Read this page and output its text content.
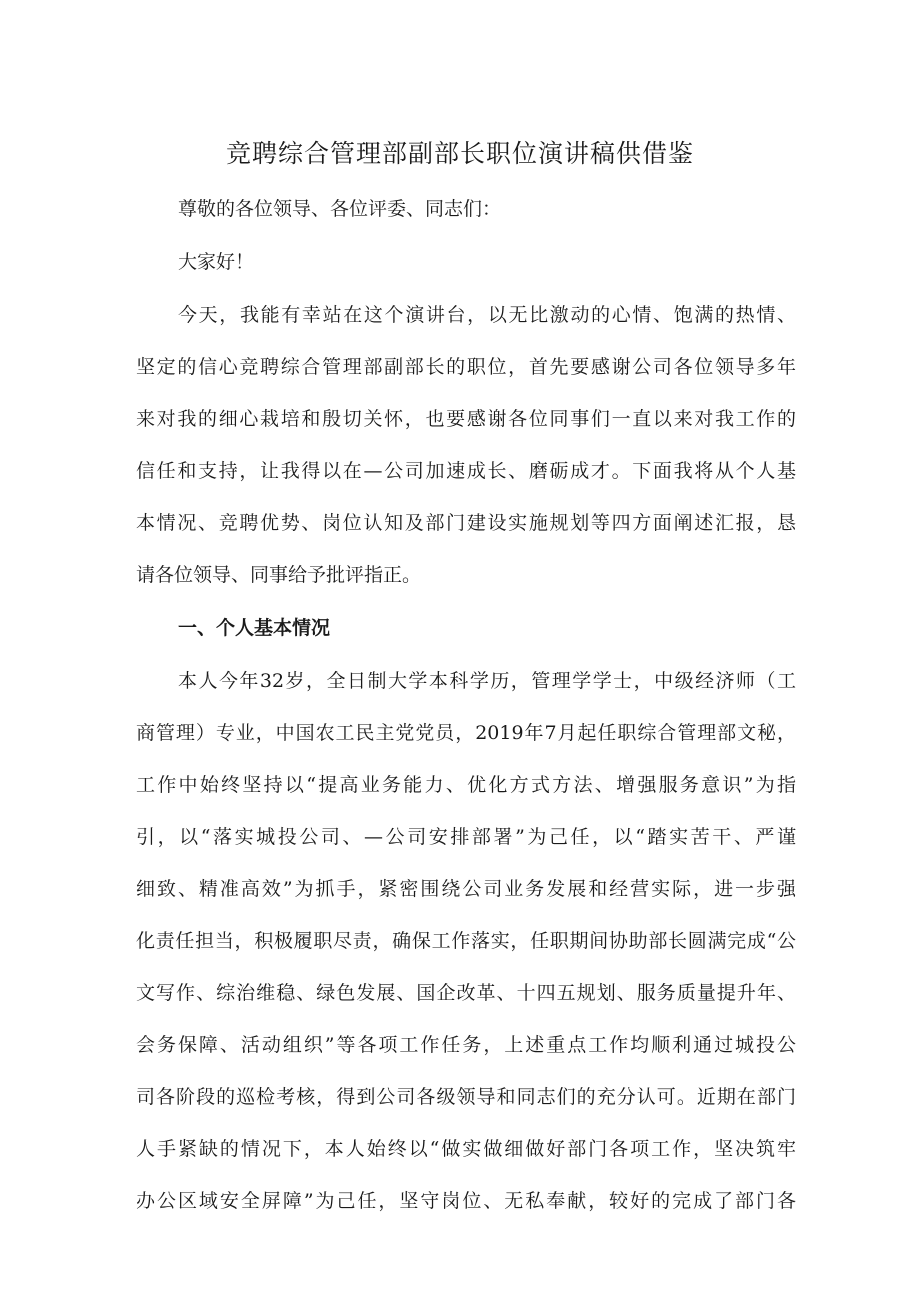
竞聘综合管理部副部长职位演讲稿供借鉴
尊敬的各位领导、各位评委、同志们：
大家好！
今天，我能有幸站在这个演讲台，以无比激动的心情、饱满的热情、
坚定的信心竞聘综合管理部副部长的职位，首先要感谢公司各位领导多年
来对我的细心栽培和殷切关怀，也要感谢各位同事们一直以来对我工作的
信任和支持，让我得以在—公司加速成长、磨砺成才。下面我将从个人基
本情况、竞聘优势、岗位认知及部门建设实施规划等四方面阐述汇报，恳
请各位领导、同事给予批评指正。
一、个人基本情况
本人今年32岁，全日制大学本科学历，管理学学士，中级经济师（工
商管理）专业，中国农工民主党党员，2019年7月起任职综合管理部文秘，
工作中始终坚持以“提高业务能力、优化方式方法、增强服务意识”为指
引，以“落实城投公司、—公司安排部署”为己任，以“踏实苦干、严谨
细致、精准高效”为抓手，紧密围绕公司业务发展和经营实际，进一步强
化责任担当，积极履职尽责，确保工作落实，任职期间协助部长圆满完成“公
文写作、综治维稳、绿色发展、国企改革、十四五规划、服务质量提升年、
会务保障、活动组织”等各项工作任务，上述重点工作均顺利通过城投公
司各阶段的巡检考核，得到公司各级领导和同志们的充分认可。近期在部门
人手紧缺的情况下，本人始终以“做实做细做好部门各项工作，坚决筑牢
办公区域安全屏障”为己任，坚守岗位、无私奉献，较好的完成了部门各
